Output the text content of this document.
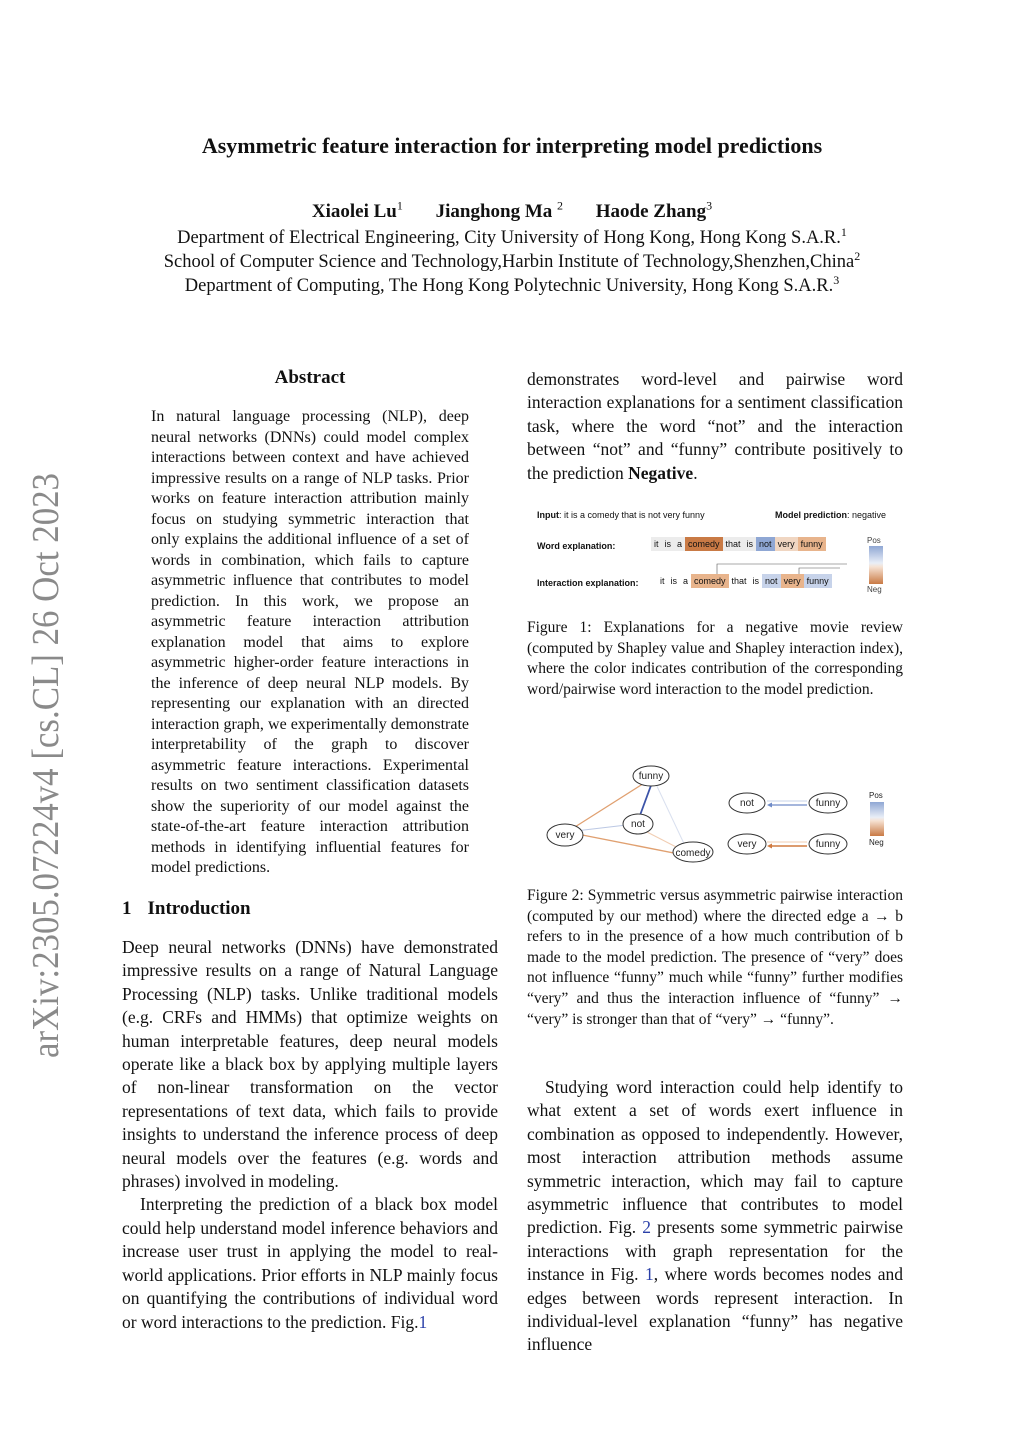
arXiv:2305.07224v4 [cs.CL] 26 Oct 2023
Asymmetric feature interaction for interpreting model predictions
Xiaolei Lu$^1$ Jianghong Ma $^2$ Haode Zhang$^3$
Department of Electrical Engineering, City University of Hong Kong, Hong Kong S.A.R.$^1$
School of Computer Science and Technology,Harbin Institute of Technology,Shenzhen,China$^2$
Department of Computing, The Hong Kong Polytechnic University, Hong Kong S.A.R.$^3$
Abstract
In natural language processing (NLP), deep neural networks (DNNs) could model complex interactions between context and have achieved impressive results on a range of NLP tasks. Prior works on feature interaction attribution mainly focus on studying symmetric interaction that only explains the additional influence of a set of words in combination, which fails to capture asymmetric influence that contributes to model prediction. In this work, we propose an asymmetric feature interaction attribution explanation model that aims to explore asymmetric higher-order feature interactions in the inference of deep neural NLP models. By representing our explanation with an directed interaction graph, we experimentally demonstrate interpretability of the graph to discover asymmetric feature interactions. Experimental results on two sentiment classification datasets show the superiority of our model against the state-of-the-art feature interaction attribution methods in identifying influential features for model predictions.
1 Introduction

Deep neural networks (DNNs) have demonstrated impressive results on a range of Natural Language Processing (NLP) tasks. Unlike traditional models (e.g. CRFs and HMMs) that optimize weights on human interpretable features, deep neural models operate like a black box by applying multiple layers of non-linear transformation on the vector representations of text data, which fails to provide insights to understand the inference process of deep neural models over the features (e.g. words and phrases) involved in modeling.

Interpreting the prediction of a black box model could help understand model inference behaviors and increase user trust in applying the model to real-world applications. Prior efforts in NLP mainly focus on quantifying the contributions of individual word or word interactions to the prediction. Fig.1

demonstrates word-level and pairwise word interaction explanations for a sentiment classification task, where the word “not” and the interaction between “not” and “funny” contribute positively to the prediction Negative.

Input: it is a comedy that is not very funny	Model prediction: negative
Word explanation:	it is a comedy that is not very funny
Interaction explanation:	it is a comedy that is not very funny
Pos
Neg
Figure 1: Explanations for a negative movie review (computed by Shapley value and Shapley interaction index), where the color indicates contribution of the corresponding word/pairwise word interaction to the model prediction.
funny
not
very
comedy
not	funny
very	funny
Pos
Neg
Figure 2: Symmetric versus asymmetric pairwise interaction (computed by our method) where the directed edge a → b refers to in the presence of a how much contribution of b made to the model prediction. The presence of “very” does not influence “funny” much while “funny” further modifies “very” and thus the interaction influence of “funny” → “very” is stronger than that of “very” → “funny”.

Studying word interaction could help identify to what extent a set of words exert influence in combination as opposed to independently. However, most interaction attribution methods assume symmetric interaction, which may fail to capture asymmetric influence that contributes to model prediction. Fig. 2 presents some symmetric pairwise interactions with graph representation for the instance in Fig. 1, where words becomes nodes and edges between words represent interaction. In individual-level explanation “funny” has negative influence
